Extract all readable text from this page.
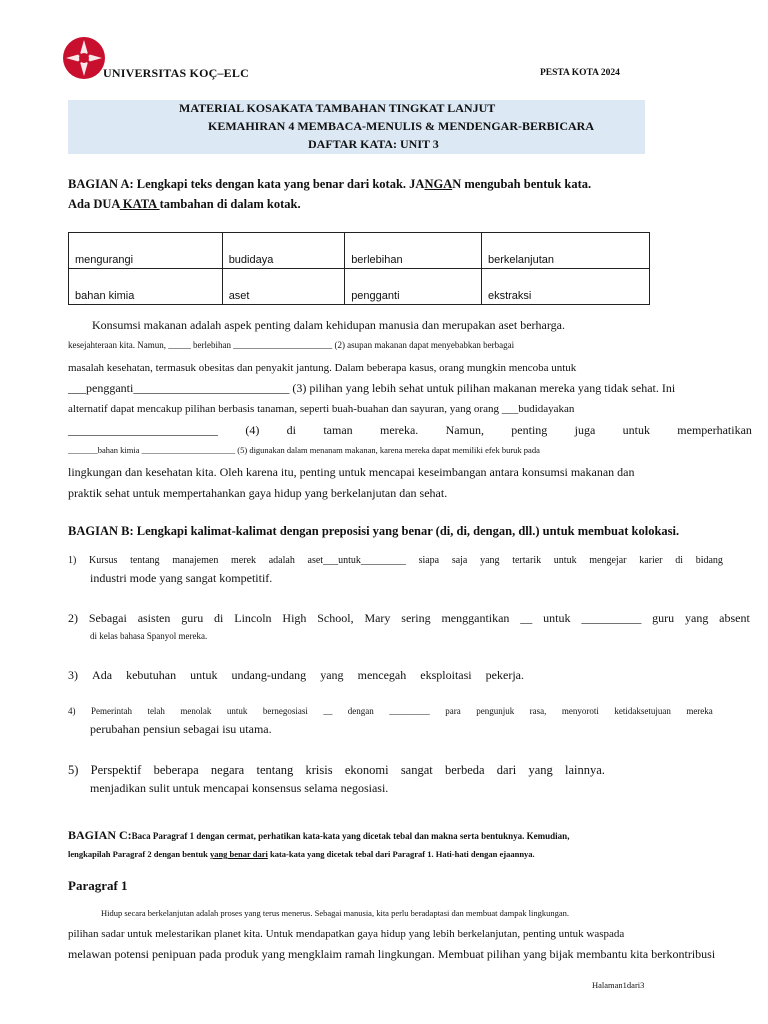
UNIVERSITAS KOÇ–ELC	PESTA KOTA 2024
MATERIAL KOSAKATA TAMBAHAN TINGKAT LANJUT
KEMAHIRAN 4 MEMBACA-MENULIS & MENDENGAR-BERBICARA
DAFTAR KATA: UNIT 3
BAGIAN A: Lengkapi teks dengan kata yang benar dari kotak. JANGAN mengubah bentuk kata.
Ada DUA KATA tambahan di dalam kotak.
mengurangi	budidaya	berlebihan	berkelanjutan
bahan kimia	aset	pengganti	ekstraksi
Konsumsi makanan adalah aspek penting dalam kehidupan manusia dan merupakan aset berharga.
kesejahteraan kita. Namun, _____ berlebihan ______________________ (2) asupan makanan dapat menyebabkan berbagai
masalah kesehatan, termasuk obesitas dan penyakit jantung. Dalam beberapa kasus, orang mungkin mencoba untuk
___pengganti__________________________ (3) pilihan yang lebih sehat untuk pilihan makanan mereka yang tidak sehat. Ini
alternatif dapat mencakup pilihan berbasis tanaman, seperti buah-buahan dan sayuran, yang orang ___budidayakan
_________________________ (4) di taman mereka. Namun, penting juga untuk memperhatikan
_______bahan kimia ______________________ (5) digunakan dalam menanam makanan, karena mereka dapat memiliki efek buruk pada
lingkungan dan kesehatan kita. Oleh karena itu, penting untuk mencapai keseimbangan antara konsumsi makanan dan
praktik sehat untuk mempertahankan gaya hidup yang berkelanjutan dan sehat.
BAGIAN B: Lengkapi kalimat-kalimat dengan preposisi yang benar (di, di, dengan, dll.) untuk membuat kolokasi.
1) Kursus tentang manajemen merek adalah aset___untuk_________ siapa saja yang tertarik untuk mengejar karier di bidang
industri mode yang sangat kompetitif.
2) Sebagai asisten guru di Lincoln High School, Mary sering menggantikan __ untuk __________ guru yang absent
di kelas bahasa Spanyol mereka.
3) Ada kebutuhan untuk undang-undang yang mencegah eksploitasi pekerja.
4) Pemerintah telah menolak untuk bernegosiasi __ dengan _________ para pengunjuk rasa, menyoroti ketidaksetujuan mereka
perubahan pensiun sebagai isu utama.
5) Perspektif beberapa negara tentang krisis ekonomi sangat berbeda dari yang lainnya.
menjadikan sulit untuk mencapai konsensus selama negosiasi.
BAGIAN C:Baca Paragraf 1 dengan cermat, perhatikan kata-kata yang dicetak tebal dan makna serta bentuknya. Kemudian,
lengkapilah Paragraf 2 dengan bentuk yang benar dari kata-kata yang dicetak tebal dari Paragraf 1. Hati-hati dengan ejaannya.
Paragraf 1
Hidup secara berkelanjutan adalah proses yang terus menerus. Sebagai manusia, kita perlu beradaptasi dan membuat dampak lingkungan.
pilihan sadar untuk melestarikan planet kita. Untuk mendapatkan gaya hidup yang lebih berkelanjutan, penting untuk waspada
melawan potensi penipuan pada produk yang mengklaim ramah lingkungan. Membuat pilihan yang bijak membantu kita berkontribusi
Halaman1dari3
